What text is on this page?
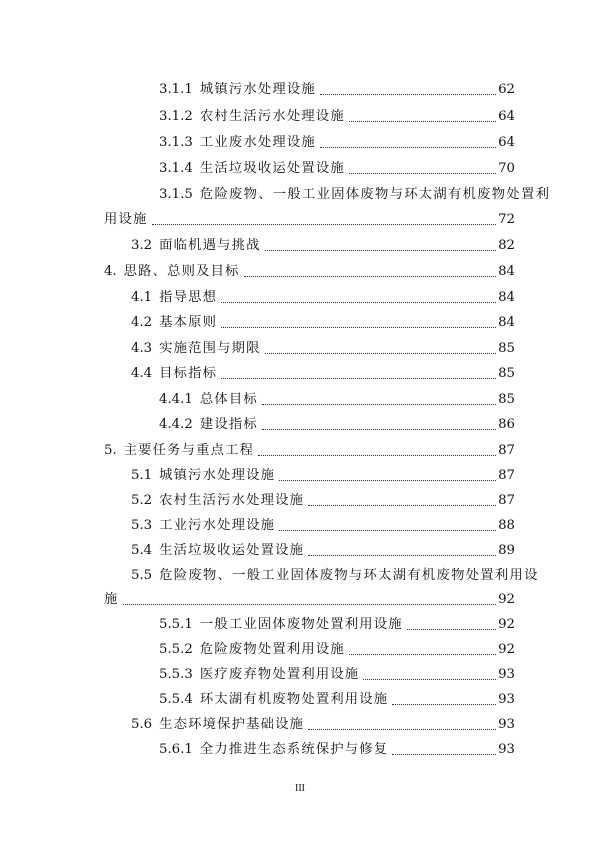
3.1.1 城镇污水处理设施	62
3.1.2 农村生活污水处理设施	64
3.1.3 工业废水处理设施	64
3.1.4 生活垃圾收运处置设施	70
3.1.5 危险废物、一般工业固体废物与环太湖有机废物处置利
用设施	72
3.2 面临机遇与挑战	82
4. 思路、总则及目标	84
4.1 指导思想	84
4.2 基本原则	84
4.3 实施范围与期限	85
4.4 目标指标	85
4.4.1 总体目标	85
4.4.2 建设指标	86
5. 主要任务与重点工程	87
5.1 城镇污水处理设施	87
5.2 农村生活污水处理设施	87
5.3 工业污水处理设施	88
5.4 生活垃圾收运处置设施	89
5.5 危险废物、一般工业固体废物与环太湖有机废物处置利用设
施	92
5.5.1 一般工业固体废物处置利用设施	92
5.5.2 危险废物处置利用设施	92
5.5.3 医疗废弃物处置利用设施	93
5.5.4 环太湖有机废物处置利用设施	93
5.6 生态环境保护基础设施	93
5.6.1 全力推进生态系统保护与修复	93
III
